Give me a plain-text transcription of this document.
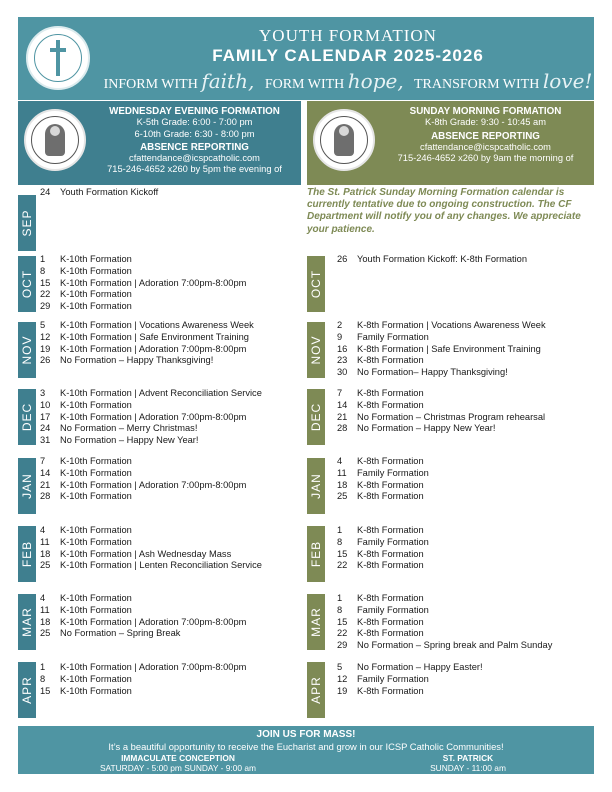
YOUTH FORMATION
FAMILY CALENDAR 2025-2026
INFORM WITH faith, FORM WITH hope, TRANSFORM WITH love!
WEDNESDAY EVENING FORMATION
K-5th Grade: 6:00 - 7:00 pm
6-10th Grade: 6:30 - 8:00 pm
ABSENCE REPORTING
cfattendance@icspcatholic.com
715-246-4652 x260 by 5pm the evening of
SUNDAY MORNING FORMATION
K-8th Grade: 9:30 - 10:45 am
ABSENCE REPORTING
cfattendance@icspcatholic.com
715-246-4652 x260 by 9am the morning of
The St. Patrick Sunday Morning Formation calendar is currently tentative due to ongoing construction. The CF Department will notify you of any changes. We appreciate your patience.
SEP
OCT
NOV
DEC
JAN
FEB
MAR
APR
OCT
NOV
DEC
JAN
FEB
MAR
APR
24 Youth Formation Kickoff
1 K-10th Formation
8 K-10th Formation
15 K-10th Formation | Adoration 7:00pm-8:00pm
22 K-10th Formation
29 K-10th Formation
5 K-10th Formation | Vocations Awareness Week
12 K-10th Formation | Safe Environment Training
19 K-10th Formation | Adoration 7:00pm-8:00pm
26 No Formation – Happy Thanksgiving!
3 K-10th Formation | Advent Reconciliation Service
10 K-10th Formation
17 K-10th Formation | Adoration 7:00pm-8:00pm
24 No Formation – Merry Christmas!
31 No Formation – Happy New Year!
7 K-10th Formation
14 K-10th Formation
21 K-10th Formation | Adoration 7:00pm-8:00pm
28 K-10th Formation
4 K-10th Formation
11 K-10th Formation
18 K-10th Formation | Ash Wednesday Mass
25 K-10th Formation | Lenten Reconciliation Service
4 K-10th Formation
11 K-10th Formation
18 K-10th Formation | Adoration 7:00pm-8:00pm
25 No Formation – Spring Break
1 K-10th Formation | Adoration 7:00pm-8:00pm
8 K-10th Formation
15 K-10th Formation
26 Youth Formation Kickoff: K-8th Formation
2 K-8th Formation | Vocations Awareness Week
9 Family Formation
16 K-8th Formation | Safe Environment Training
23 K-8th Formation
30 No Formation– Happy Thanksgiving!
7 K-8th Formation
14 K-8th Formation
21 No Formation – Christmas Program rehearsal
28 No Formation – Happy New Year!
4 K-8th Formation
11 Family Formation
18 K-8th Formation
25 K-8th Formation
1 K-8th Formation
8 Family Formation
15 K-8th Formation
22 K-8th Formation
1 K-8th Formation
8 Family Formation
15 K-8th Formation
22 K-8th Formation
29 No Formation – Spring break and Palm Sunday
5 No Formation – Happy Easter!
12 Family Formation
19 K-8th Formation
JOIN US FOR MASS!
It’s a beautiful opportunity to receive the Eucharist and grow in our ICSP Catholic Communities!
IMMACULATE CONCEPTION
SATURDAY - 5:00 pm SUNDAY - 9:00 am
ST. PATRICK
SUNDAY - 11:00 am
